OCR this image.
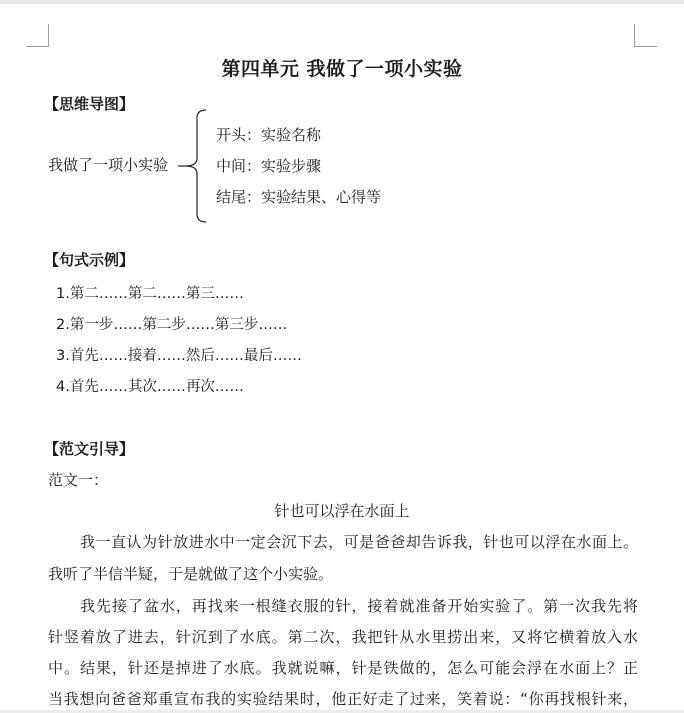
第四单元 我做了一项小实验
【思维导图】
我做了一项小实验
开头：实验名称
中间：实验步骤
结尾：实验结果、心得等
【句式示例】
1.第二……第二……第三……
2.第一步……第二步……第三步……
3.首先……接着……然后……最后……
4.首先……其次……再次……
【范文引导】
范文一：
针也可以浮在水面上
我一直认为针放进水中一定会沉下去，可是爸爸却告诉我，针也可以浮在水面上。
我听了半信半疑，于是就做了这个小实验。
我先接了盆水，再找来一根缝衣服的针，接着就准备开始实验了。第一次我先将
针竖着放了进去，针沉到了水底。第二次，我把针从水里捞出来，又将它横着放入水
中。结果，针还是掉进了水底。我就说嘛，针是铁做的，怎么可能会浮在水面上？正
当我想向爸爸郑重宣布我的实验结果时，他正好走了过来，笑着说：“你再找根针来，
